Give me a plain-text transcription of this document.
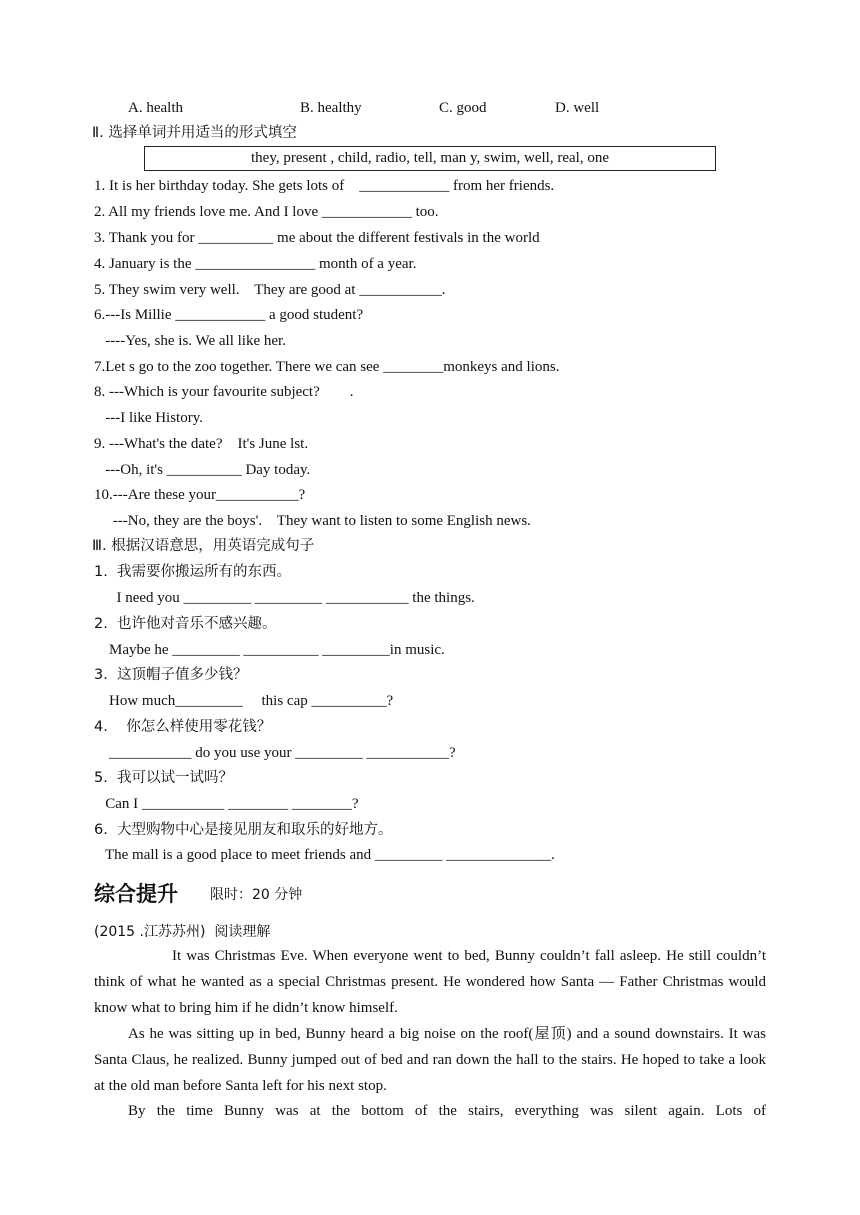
A. health	B. healthy	C. good	D. well
Ⅱ. 选择单词并用适当的形式填空
they, present , child, radio, tell, man y, swim, well, real, one
1. It is her birthday today. She gets lots of    ____________ from her friends.
2. All my friends love me. And I love ____________ too.
3. Thank you for __________ me about the different festivals in the world
4. January is the ________________ month of a year.
5. They swim very well.    They are good at ___________.
6.---Is Millie ____________ a good student?
----Yes, she is. We all like her.
7.Let s go to the zoo together. There we can see ________monkeys and lions.
8. ---Which is your favourite subject?        .
---I like History.
9. ---What's the date?    It's June lst.
---Oh, it's __________ Day today.
10.---Are these your___________?
---No, they are the boys'.    They want to listen to some English news.
Ⅲ. 根据汉语意思，用英语完成句子
1.  我需要你搬运所有的东西。
I need you _________ _________ ___________ the things.
2.  也许他对音乐不感兴趣。
Maybe he _________ __________ _________in music.
3.  这顶帽子值多少钱？
How much_________     this cap __________?
4.    你怎么样使用零花钱？
___________ do you use your _________ ___________?
5.  我可以试一试吗？
Can I ___________ ________ ________?
6.  大型购物中心是接见朋友和取乐的好地方。
The mall is a good place to meet friends and _________ ______________.
综合提升 限时：20 分钟
(2015 .江苏苏州)  阅读理解
It was Christmas Eve. When everyone went to bed, Bunny couldn’t fall asleep. He still couldn’t think of what he wanted as a special Christmas present. He wondered how Santa — Father Christmas would know what to bring him if he didn’t know himself.
As he was sitting up in bed, Bunny heard a big noise on the roof(屋顶) and a sound downstairs. It was Santa Claus, he realized. Bunny jumped out of bed and ran down the hall to the stairs. He hoped to take a look at the old man before Santa left for his next stop.
By the time Bunny was at the bottom of the stairs, everything was silent again. Lots of
